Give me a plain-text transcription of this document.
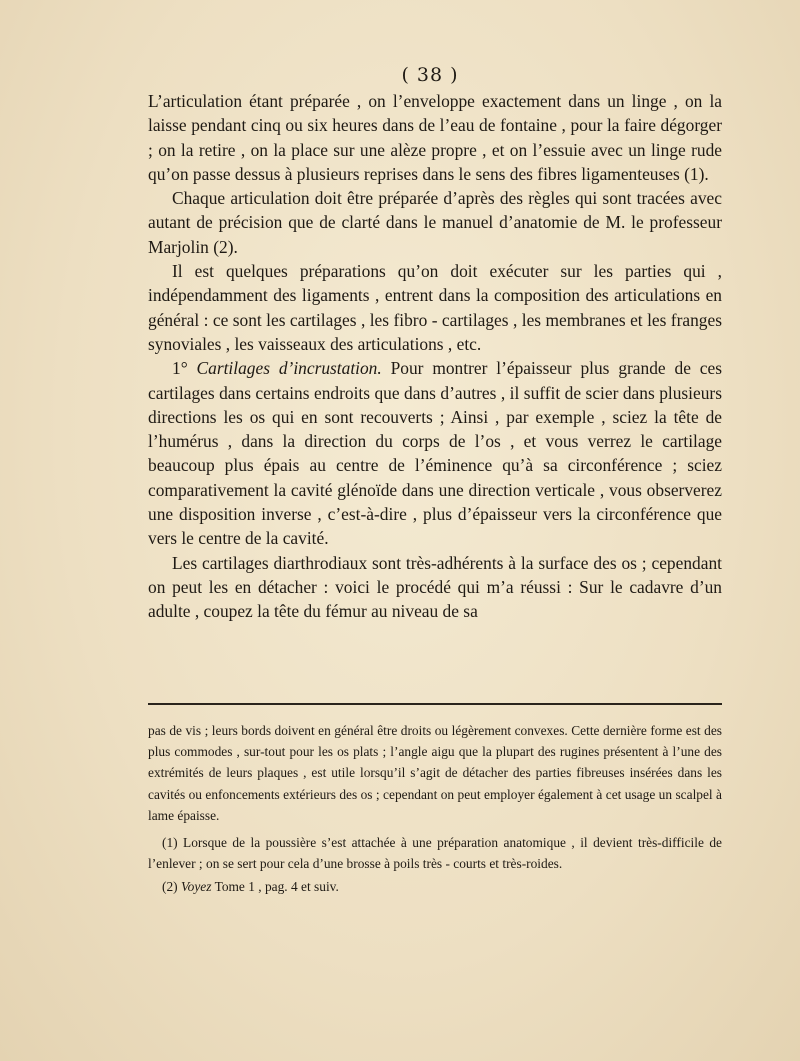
( 38 )

L’articulation étant préparée , on l’enveloppe exactement dans un linge , on la laisse pendant cinq ou six heures dans de l’eau de fontaine , pour la faire dégorger ; on la retire , on la place sur une alèze propre , et on l’essuie avec un linge rude qu’on passe dessus à plusieurs reprises dans le sens des fibres ligamenteuses (1).

Chaque articulation doit être préparée d’après des règles qui sont tracées avec autant de précision que de clarté dans le manuel d’anatomie de M. le professeur Marjolin (2).

Il est quelques préparations qu’on doit exécuter sur les parties qui , indépendamment des ligaments , entrent dans la composition des articulations en général : ce sont les cartilages , les fibro - cartilages , les membranes et les franges synoviales , les vaisseaux des articulations , etc.

1° Cartilages d’incrustation. Pour montrer l’épaisseur plus grande de ces cartilages dans certains endroits que dans d’autres , il suffit de scier dans plusieurs directions les os qui en sont recouverts ; Ainsi , par exemple , sciez la tête de l’humérus , dans la direction du corps de l’os , et vous verrez le cartilage beaucoup plus épais au centre de l’éminence qu’à sa circonférence ; sciez comparativement la cavité glénoïde dans une direction verticale , vous observerez une disposition inverse , c’est-à-dire , plus d’épaisseur vers la circonférence que vers le centre de la cavité.

Les cartilages diarthrodiaux sont très-adhérents à la surface des os ; cependant on peut les en détacher : voici le procédé qui m’a réussi : Sur le cadavre d’un adulte , coupez la tête du fémur au niveau de sa

pas de vis ; leurs bords doivent en général être droits ou légèrement convexes. Cette dernière forme est des plus commodes , sur-tout pour les os plats ; l’angle aigu que la plupart des rugines présentent à l’une des extrémités de leurs plaques , est utile lorsqu’il s’agit de détacher des parties fibreuses insérées dans les cavités ou enfoncements extérieurs des os ; cependant on peut employer également à cet usage un scalpel à lame épaisse.

(1) Lorsque de la poussière s’est attachée à une préparation anatomique , il devient très-difficile de l’enlever ; on se sert pour cela d’une brosse à poils très - courts et très-roides.

(2) Voyez Tome 1 , pag. 4 et suiv.
